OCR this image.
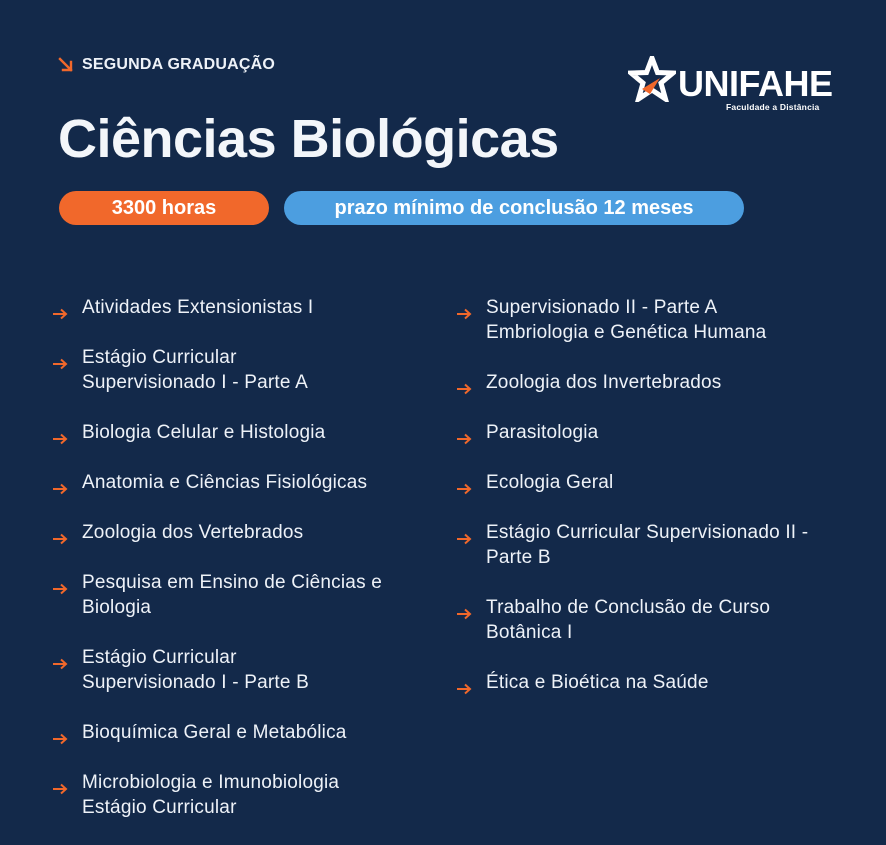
SEGUNDA GRADUAÇÃO
Ciências Biológicas
3300 horas	prazo mínimo de conclusão 12 meses
UNIFAHE
Faculdade a Distância
Atividades Extensionistas I
Estágio Curricular Supervisionado I - Parte A
Biologia Celular e Histologia
Anatomia e Ciências Fisiológicas
Zoologia dos Vertebrados
Pesquisa em Ensino de Ciências e Biologia
Estágio Curricular Supervisionado I - Parte B
Bioquímica Geral e Metabólica
Microbiologia e Imunobiologia Estágio Curricular
Supervisionado II - Parte A Embriologia e Genética Humana
Zoologia dos Invertebrados
Parasitologia
Ecologia Geral
Estágio Curricular Supervisionado II - Parte B
Trabalho de Conclusão de Curso Botânica I
Ética e Bioética na Saúde
